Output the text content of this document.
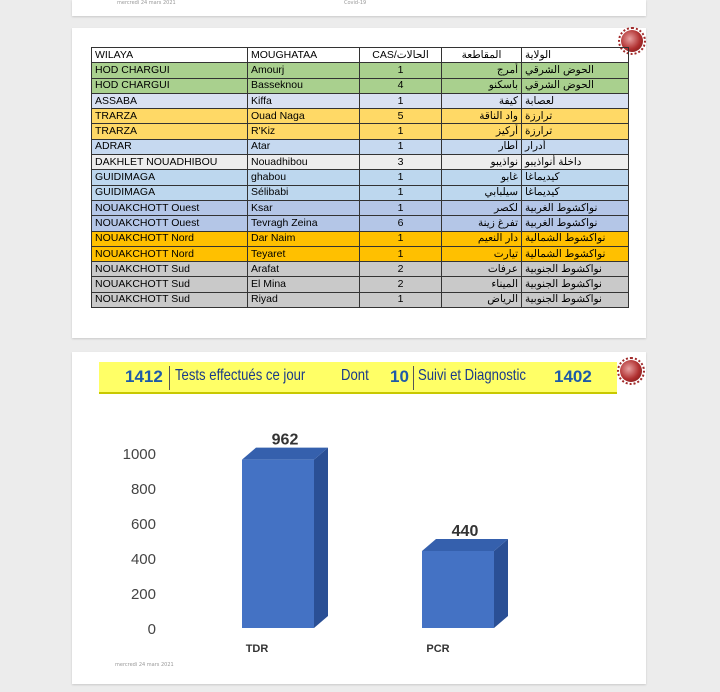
mercredi 24 mars 2021	Covid-19
WILAYA	MOUGHATAA	CAS/الحالات	المقاطعة	الولاية
HOD CHARGUI	Amourj	1	أمرج	الحوض الشرقي
HOD CHARGUI	Basseknou	4	باسكنو	الحوض الشرقي
ASSABA	Kiffa	1	كيفة	لعصابة
TRARZA	Ouad Naga	5	واد الناقة	ترارزة
TRARZA	R'Kiz	1	أركيز	ترارزة
ADRAR	Atar	1	أطار	أدرار
DAKHLET NOUADHIBOU	Nouadhibou	3	نواذيبو	داخلة أنواذيبو
GUIDIMAGA	ghabou	1	غابو	كيديماغا
GUIDIMAGA	Sélibabi	1	سيلبابي	كيديماغا
NOUAKCHOTT Ouest	Ksar	1	لكصر	نواكشوط الغربية
NOUAKCHOTT Ouest	Tevragh Zeina	6	تفرغ زينة	نواكشوط الغربية
NOUAKCHOTT Nord	Dar Naim	1	دار النعيم	نواكشوط الشمالية
NOUAKCHOTT Nord	Teyaret	1	تيارت	نواكشوط الشمالية
NOUAKCHOTT Sud	Arafat	2	عرفات	نواكشوط الجنوبية
NOUAKCHOTT Sud	El Mina	2	الميناء	نواكشوط الجنوبية
NOUAKCHOTT Sud	Riyad	1	الرياض	نواكشوط الجنوبية
1412 Tests effectués ce jour Dont 10 Suivi et Diagnostic 1402
0
200
400
600
800
1000
962
TDR
440
PCR
mercredi 24 mars 2021
